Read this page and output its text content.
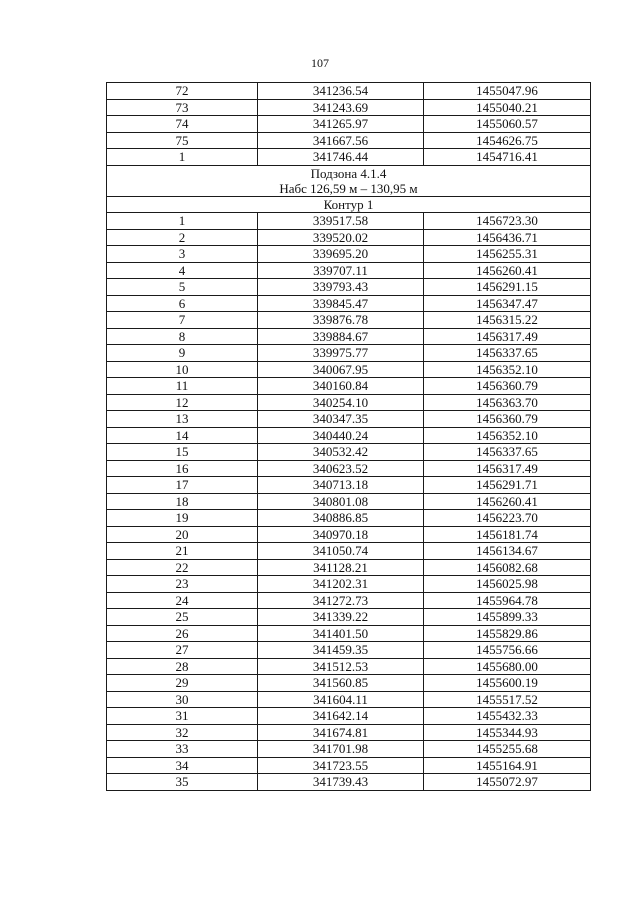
107
72	341236.54	1455047.96
73	341243.69	1455040.21
74	341265.97	1455060.57
75	341667.56	1454626.75
1	341746.44	1454716.41

Подзона 4.1.4
Набс 126,59 м – 130,95 м		

Контур 1		
1	339517.58	1456723.30
2	339520.02	1456436.71
3	339695.20	1456255.31
4	339707.11	1456260.41
5	339793.43	1456291.15
6	339845.47	1456347.47
7	339876.78	1456315.22
8	339884.67	1456317.49
9	339975.77	1456337.65
10	340067.95	1456352.10
11	340160.84	1456360.79
12	340254.10	1456363.70
13	340347.35	1456360.79
14	340440.24	1456352.10
15	340532.42	1456337.65
16	340623.52	1456317.49
17	340713.18	1456291.71
18	340801.08	1456260.41
19	340886.85	1456223.70
20	340970.18	1456181.74
21	341050.74	1456134.67
22	341128.21	1456082.68
23	341202.31	1456025.98
24	341272.73	1455964.78
25	341339.22	1455899.33
26	341401.50	1455829.86
27	341459.35	1455756.66
28	341512.53	1455680.00
29	341560.85	1455600.19
30	341604.11	1455517.52
31	341642.14	1455432.33
32	341674.81	1455344.93
33	341701.98	1455255.68
34	341723.55	1455164.91
35	341739.43	1455072.97
